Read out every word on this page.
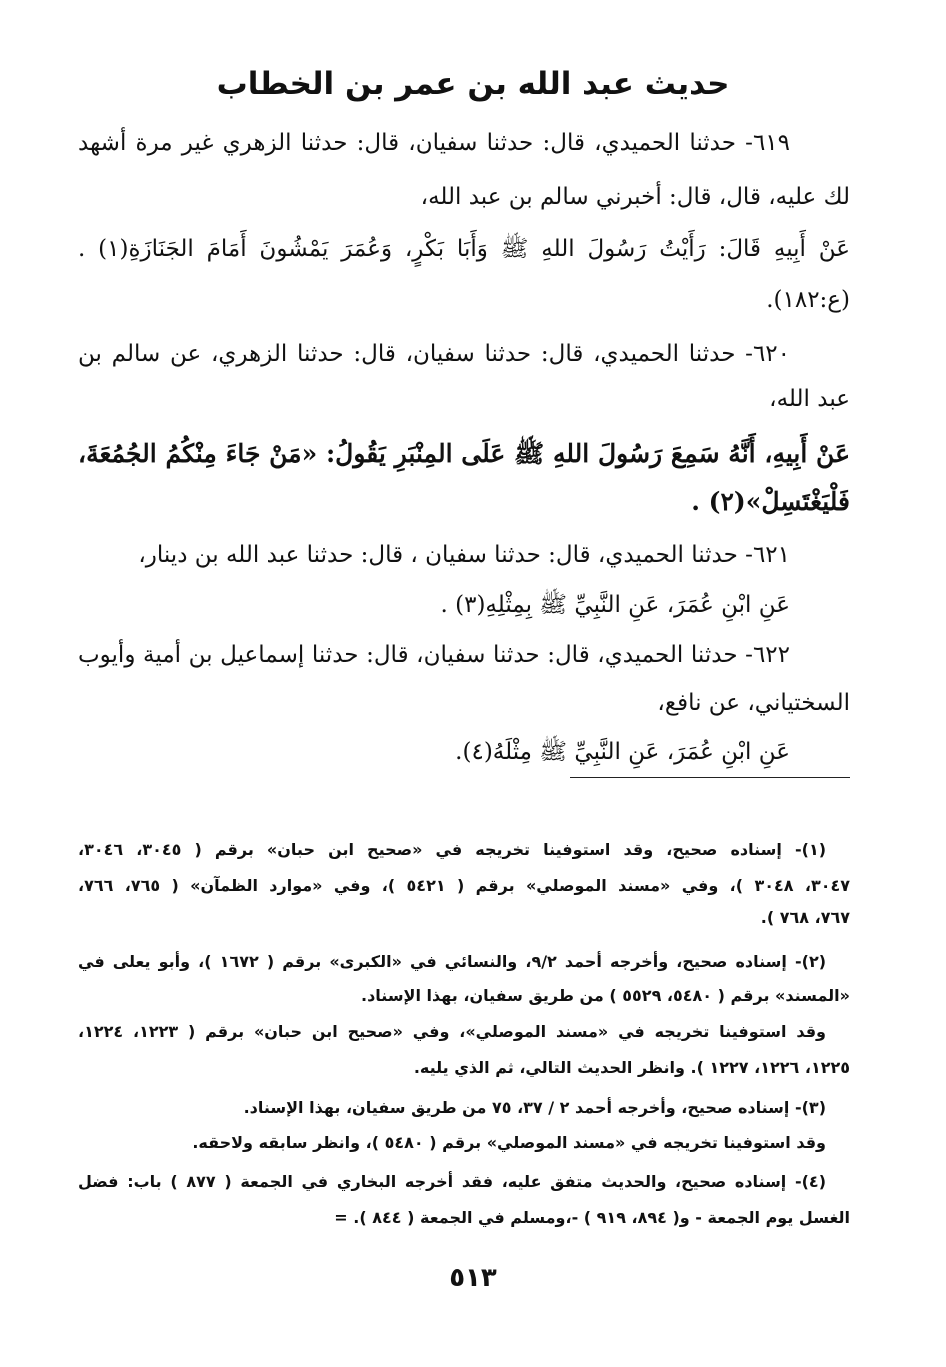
حديث عبد الله بن عمر بن الخطاب
٦١٩- حدثنا الحميدي، قال: حدثنا سفيان، قال: حدثنا الزهري غير مرة أشهد
لك عليه، قال، قال: أخبرني سالم بن عبد الله،
عَنْ أَبِيهِ قَالَ: رَأَيْتُ رَسُولَ اللهِ ﷺ وَأَبَا بَكْرٍ، وَعُمَرَ يَمْشُونَ أَمَامَ الجَنَازَةِ(١) .
(ع:١٨٢).
٦٢٠- حدثنا الحميدي، قال: حدثنا سفيان، قال: حدثنا الزهري، عن سالم بن
عبد الله،
عَنْ أَبِيهِ، أَنَّهُ سَمِعَ رَسُولَ اللهِ ﷺ عَلَى المِنْبَرِ يَقُولُ: «مَنْ جَاءَ مِنْكُمُ الجُمُعَةَ،
فَلْيَغْتَسِلْ»(٢) .
٦٢١- حدثنا الحميدي، قال: حدثنا سفيان ، قال: حدثنا عبد الله بن دينار،
عَنِ ابْنِ عُمَرَ، عَنِ النَّبِيِّ ﷺ بِمِثْلِهِ(٣) .
٦٢٢- حدثنا الحميدي، قال: حدثنا سفيان، قال: حدثنا إسماعيل بن أمية وأيوب
السختياني، عن نافع،
عَنِ ابْنِ عُمَرَ، عَنِ النَّبِيِّ ﷺ مِثْلَهُ(٤).
(١)- إسناده صحيح، وقد استوفينا تخريجه في «صحيح ابن حبان» برقم ( ٣٠٤٥، ٣٠٤٦،
٣٠٤٧، ٣٠٤٨ )، وفي «مسند الموصلي» برقم ( ٥٤٢١ )، وفي «موارد الظمآن» ( ٧٦٥، ٧٦٦،
٧٦٧، ٧٦٨ ).
(٢)- إسناده صحيح، وأخرجه أحمد ٩/٢، والنسائي في «الكبرى» برقم ( ١٦٧٢ )، وأبو يعلى في
«المسند» برقم ( ٥٤٨٠، ٥٥٢٩ ) من طريق سفيان، بهذا الإسناد.
وقد استوفينا تخريجه في «مسند الموصلي»، وفي «صحيح ابن حبان» برقم ( ١٢٢٣، ١٢٢٤،
١٢٢٥، ١٢٢٦، ١٢٢٧ ). وانظر الحديث التالي، ثم الذي يليه.
(٣)- إسناده صحيح، وأخرجه أحمد ٢ / ٣٧، ٧٥ من طريق سفيان، بهذا الإسناد.
وقد استوفينا تخريجه في «مسند الموصلي» برقم ( ٥٤٨٠ )، وانظر سابقه ولاحقه.
(٤)- إسناده صحيح، والحديث متفق عليه، فقد أخرجه البخاري في الجمعة ( ٨٧٧ ) باب: فضل
الغسل يوم الجمعة - و( ٨٩٤، ٩١٩ ) -،ومسلم في الجمعة ( ٨٤٤ ). =
٥١٣
